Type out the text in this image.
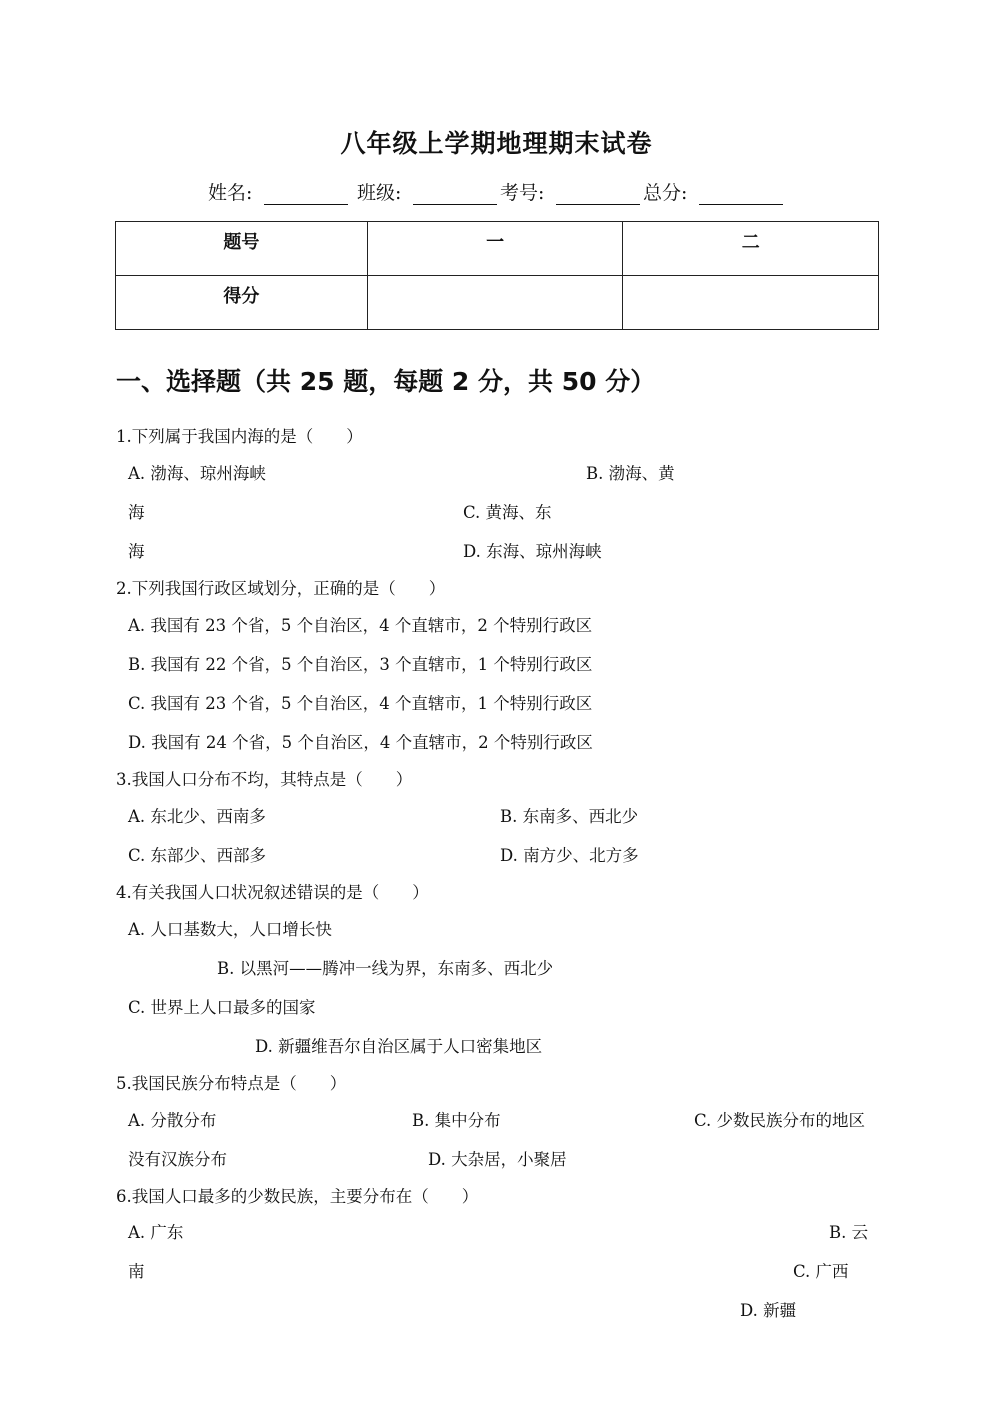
八年级上学期地理期末试卷
姓名:	班级:	考号:	总分:
题号	一	二
得分		
一、选择题（共 25 题，每题 2 分，共 50 分）
1.下列属于我国内海的是（　　）
A. 渤海、琼州海峡	B. 渤海、黄
海	C. 黄海、东
海	D. 东海、琼州海峡
2.下列我国行政区域划分，正确的是（　　）
A. 我国有 23 个省，5 个自治区，4 个直辖市，2 个特别行政区
B. 我国有 22 个省，5 个自治区，3 个直辖市，1 个特别行政区
C. 我国有 23 个省，5 个自治区，4 个直辖市，1 个特别行政区
D. 我国有 24 个省，5 个自治区，4 个直辖市，2 个特别行政区
3.我国人口分布不均，其特点是（　　）
A. 东北少、西南多	B. 东南多、西北少
C. 东部少、西部多	D. 南方少、北方多
4.有关我国人口状况叙述错误的是（　　）
A. 人口基数大，人口增长快
B. 以黑河——腾冲一线为界，东南多、西北少
C. 世界上人口最多的国家
D. 新疆维吾尔自治区属于人口密集地区
5.我国民族分布特点是（　　）
A. 分散分布	B. 集中分布	C. 少数民族分布的地区
没有汉族分布	D. 大杂居，小聚居
6.我国人口最多的少数民族，主要分布在（　　）
A. 广东	B. 云
南	C. 广西
D. 新疆
